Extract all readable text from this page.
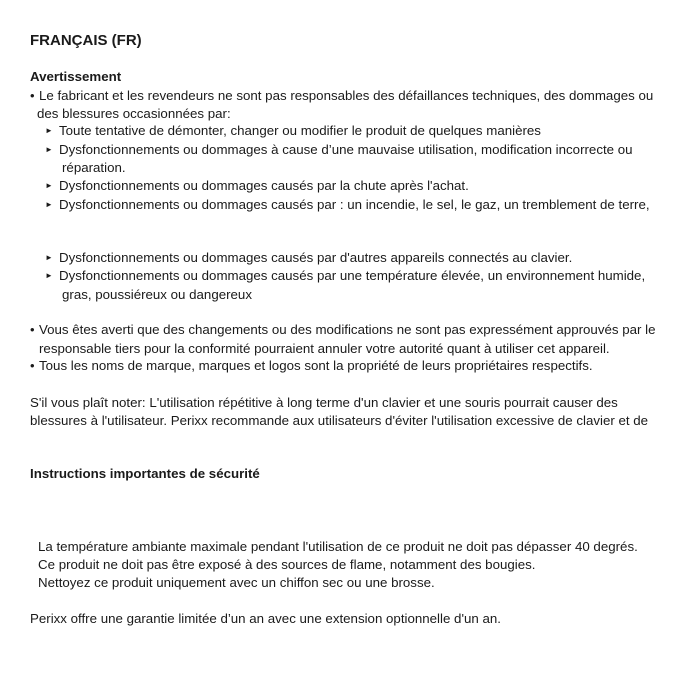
FRANÇAIS (FR)
Avertissement
• Le fabricant et les revendeurs ne sont pas responsables des défaillances techniques, des dommages ou
des blessures occasionnées par:
► Toute tentative de démonter, changer ou modifier le produit de quelques manières
► Dysfonctionnements ou dommages à cause d’une mauvaise utilisation, modification incorrecte ou
réparation.
► Dysfonctionnements ou dommages causés par la chute après l'achat.
► Dysfonctionnements ou dommages causés par : un incendie, le sel, le gaz, un tremblement de terre,
► Dysfonctionnements ou dommages causés par d'autres appareils connectés au clavier.
► Dysfonctionnements ou dommages causés par une température élevée, un environnement humide,
gras, poussiéreux ou dangereux
• Vous êtes averti que des changements ou des modifications ne sont pas expressément approuvés par le
responsable tiers pour la conformité pourraient annuler votre autorité quant à utiliser cet appareil.
• Tous les noms de marque, marques et logos sont la propriété de leurs propriétaires respectifs.
S'il vous plaît noter: L'utilisation répétitive à long terme d'un clavier et une souris pourrait causer des
blessures à l'utilisateur. Perixx recommande aux utilisateurs d'éviter l'utilisation excessive de clavier et de
Instructions importantes de sécurité
La température ambiante maximale pendant l'utilisation de ce produit ne doit pas dépasser 40 degrés.
Ce produit ne doit pas être exposé à des sources de flame, notamment des bougies.
Nettoyez ce produit uniquement avec un chiffon sec ou une brosse.
Perixx offre une garantie limitée d’un an avec une extension optionnelle d'un an.
